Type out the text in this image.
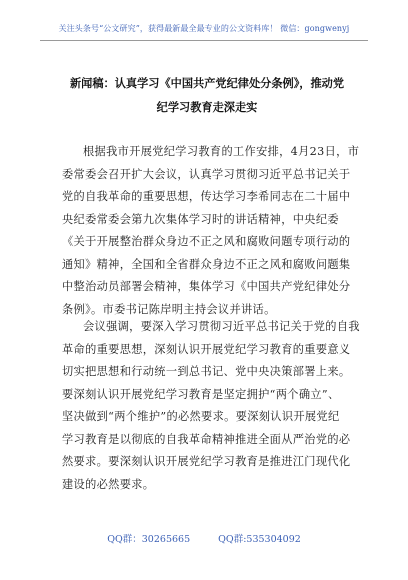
关注头条号“公文研究”，获得最新最全最专业的公文资料库！ 微信：gongwenyj
新闻稿：认真学习《中国共产党纪律处分条例》，推动党
纪学习教育走深走实
根据我市开展党纪学习教育的工作安排，4月23日，市
委常委会召开扩大会议，认真学习贯彻习近平总书记关于
党的自我革命的重要思想，传达学习李希同志在二十届中
央纪委常委会第九次集体学习时的讲话精神，中央纪委
《关于开展整治群众身边不正之风和腐败问题专项行动的
通知》精神，全国和全省群众身边不正之风和腐败问题集
中整治动员部署会精神，集体学习《中国共产党纪律处分
条例》。市委书记陈岸明主持会议并讲话。
会议强调，要深入学习贯彻习近平总书记关于党的自我
革命的重要思想，深刻认识开展党纪学习教育的重要意义
切实把思想和行动统一到总书记、党中央决策部署上来。
要深刻认识开展党纪学习教育是坚定拥护“两个确立”、
坚决做到“两个维护”的必然要求。要深刻认识开展党纪
学习教育是以彻底的自我革命精神推进全面从严治党的必
然要求。要深刻认识开展党纪学习教育是推进江门现代化
建设的必然要求。
QQ群：30265665	QQ群:535304092
